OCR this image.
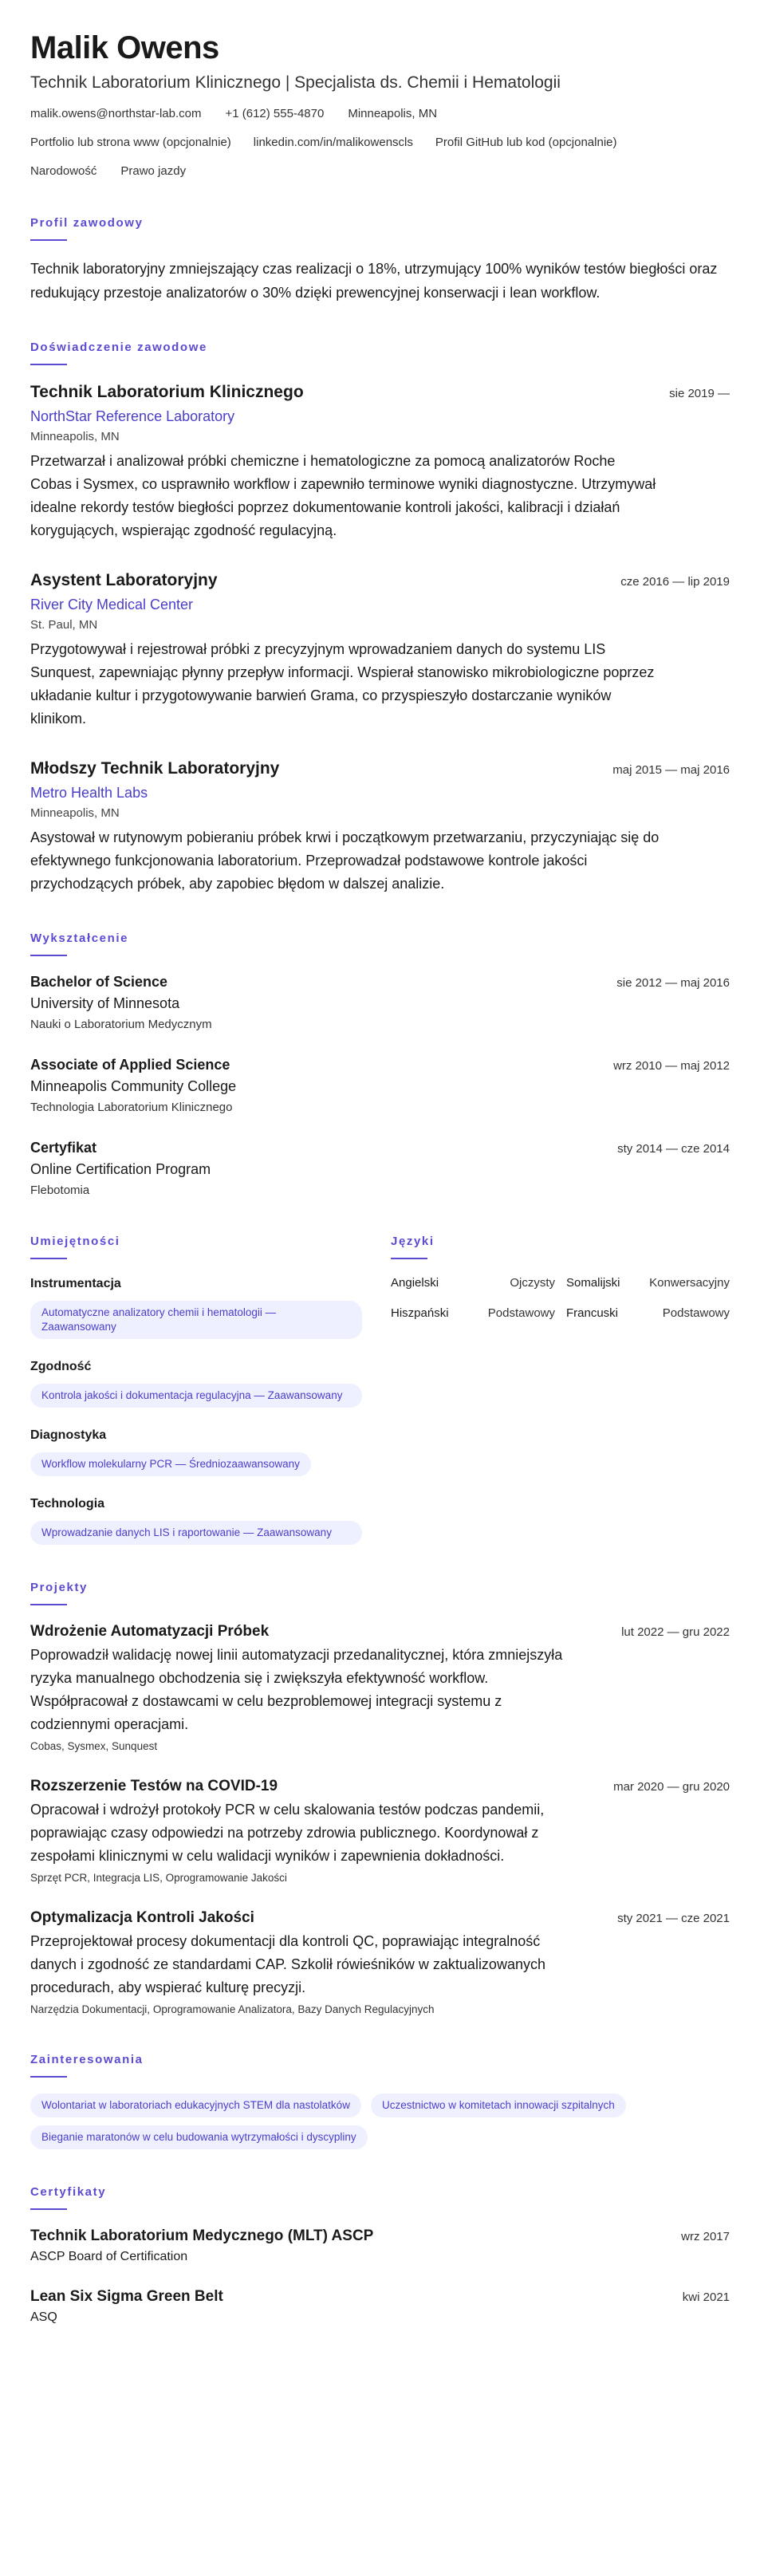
Malik Owens
Technik Laboratorium Klinicznego | Specjalista ds. Chemii i Hematologii
malik.owens@northstar-lab.com +1 (612) 555-4870 Minneapolis, MN
Portfolio lub strona www (opcjonalnie) linkedin.com/in/malikowenscls Profil GitHub lub kod (opcjonalnie)
Narodowość Prawo jazdy
Profil zawodowy

Technik laboratoryjny zmniejszający czas realizacji o 18%, utrzymujący 100% wyników testów biegłości oraz redukujący przestoje analizatorów o 30% dzięki prewencyjnej konserwacji i lean workflow.

Doświadczenie zawodowe
Technik Laboratorium Klinicznego	sie 2019 —
NorthStar Reference Laboratory
Minneapolis, MN

Przetwarzał i analizował próbki chemiczne i hematologiczne za pomocą analizatorów Roche Cobas i Sysmex, co usprawniło workflow i zapewniło terminowe wyniki diagnostyczne. Utrzymywał idealne rekordy testów biegłości poprzez dokumentowanie kontroli jakości, kalibracji i działań korygujących, wspierając zgodność regulacyjną.

Asystent Laboratoryjny	cze 2016 — lip 2019
River City Medical Center
St. Paul, MN

Przygotowywał i rejestrował próbki z precyzyjnym wprowadzaniem danych do systemu LIS Sunquest, zapewniając płynny przepływ informacji. Wspierał stanowisko mikrobiologiczne poprzez układanie kultur i przygotowywanie barwień Grama, co przyspieszyło dostarczanie wyników klinikom.

Młodszy Technik Laboratoryjny	maj 2015 — maj 2016
Metro Health Labs
Minneapolis, MN

Asystował w rutynowym pobieraniu próbek krwi i początkowym przetwarzaniu, przyczyniając się do efektywnego funkcjonowania laboratorium. Przeprowadzał podstawowe kontrole jakości przychodzących próbek, aby zapobiec błędom w dalszej analizie.

Wykształcenie
Bachelor of Science	sie 2012 — maj 2016
University of Minnesota
Nauki o Laboratorium Medycznym
Associate of Applied Science	wrz 2010 — maj 2012
Minneapolis Community College
Technologia Laboratorium Klinicznego
Certyfikat	sty 2014 — cze 2014
Online Certification Program
Flebotomia
Umiejętności
Instrumentacja
Automatyczne analizatory chemii i hematologii — Zaawansowany
Zgodność
Kontrola jakości i dokumentacja regulacyjna — Zaawansowany
Diagnostyka
Workflow molekularny PCR — Średniozaawansowany
Technologia
Wprowadzanie danych LIS i raportowanie — Zaawansowany
Języki
Angielski	Ojczysty Somalijski	Konwersacyjny
Hiszpański	Podstawowy Francuski	Podstawowy
Projekty
Wdrożenie Automatyzacji Próbek	lut 2022 — gru 2022

Poprowadził walidację nowej linii automatyzacji przedanalitycznej, która zmniejszyła ryzyka manualnego obchodzenia się i zwiększyła efektywność workflow. Współpracował z dostawcami w celu bezproblemowej integracji systemu z codziennymi operacjami.

Cobas, Sysmex, Sunquest
Rozszerzenie Testów na COVID-19	mar 2020 — gru 2020

Opracował i wdrożył protokoły PCR w celu skalowania testów podczas pandemii, poprawiając czasy odpowiedzi na potrzeby zdrowia publicznego. Koordynował z zespołami klinicznymi w celu walidacji wyników i zapewnienia dokładności.

Sprzęt PCR, Integracja LIS, Oprogramowanie Jakości
Optymalizacja Kontroli Jakości	sty 2021 — cze 2021

Przeprojektował procesy dokumentacji dla kontroli QC, poprawiając integralność danych i zgodność ze standardami CAP. Szkolił rówieśników w zaktualizowanych procedurach, aby wspierać kulturę precyzji.

Narzędzia Dokumentacji, Oprogramowanie Analizatora, Bazy Danych Regulacyjnych
Zainteresowania
Wolontariat w laboratoriach edukacyjnych STEM dla nastolatków	Uczestnictwo w komitetach innowacji szpitalnych
Bieganie maratonów w celu budowania wytrzymałości i dyscypliny
Certyfikaty
Technik Laboratorium Medycznego (MLT) ASCP	wrz 2017
ASCP Board of Certification
Lean Six Sigma Green Belt	kwi 2021
ASQ
